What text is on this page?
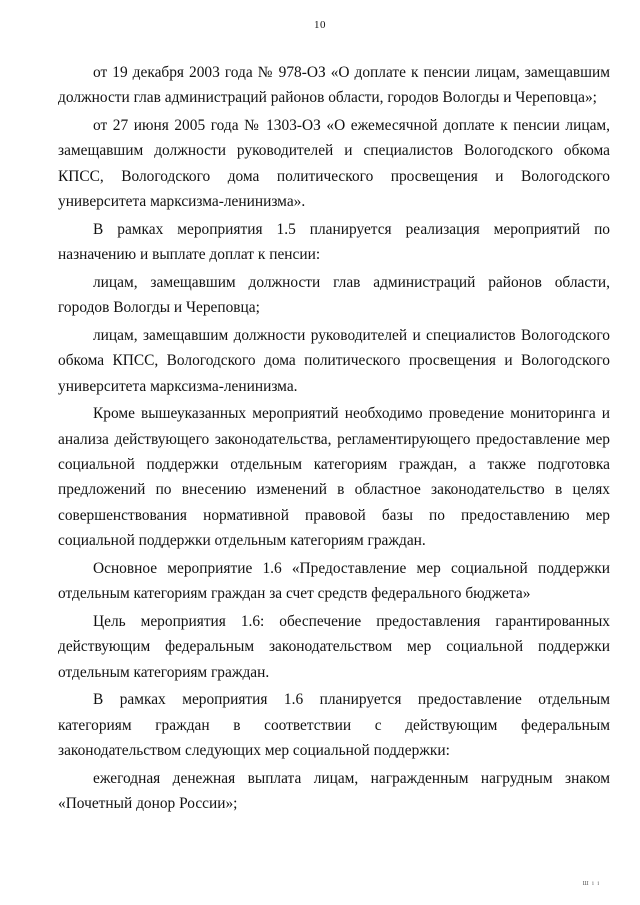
10

от 19 декабря 2003 года № 978-ОЗ «О доплате к пенсии лицам, замещавшим должности глав администраций районов области, городов Вологды и Череповца»;

от 27 июня 2005 года № 1303-ОЗ «О ежемесячной доплате к пенсии лицам, замещавшим должности руководителей и специалистов Вологодского обкома КПСС, Вологодского дома политического просвещения и Вологодского университета марксизма-ленинизма».

В рамках мероприятия 1.5 планируется реализация мероприятий по назначению и выплате доплат к пенсии:

лицам, замещавшим должности глав администраций районов области, городов Вологды и Череповца;

лицам, замещавшим должности руководителей и специалистов Вологодского обкома КПСС, Вологодского дома политического просвещения и Вологодского университета марксизма-ленинизма.

Кроме вышеуказанных мероприятий необходимо проведение мониторинга и анализа действующего законодательства, регламентирующего предоставление мер социальной поддержки отдельным категориям граждан, а также подготовка предложений по внесению изменений в областное законодательство в целях совершенствования нормативной правовой базы по предоставлению мер социальной поддержки отдельным категориям граждан.

Основное мероприятие 1.6 «Предоставление мер социальной поддержки отдельным категориям граждан за счет средств федерального бюджета»

Цель мероприятия 1.6: обеспечение предоставления гарантированных действующим федеральным законодательством мер социальной поддержки отдельным категориям граждан.

В рамках мероприятия 1.6 планируется предоставление отдельным категориям граждан в соответствии с действующим федеральным законодательством следующих мер социальной поддержки:

ежегодная денежная выплата лицам, награжденным нагрудным знаком «Почетный донор России»;

Ш і і
